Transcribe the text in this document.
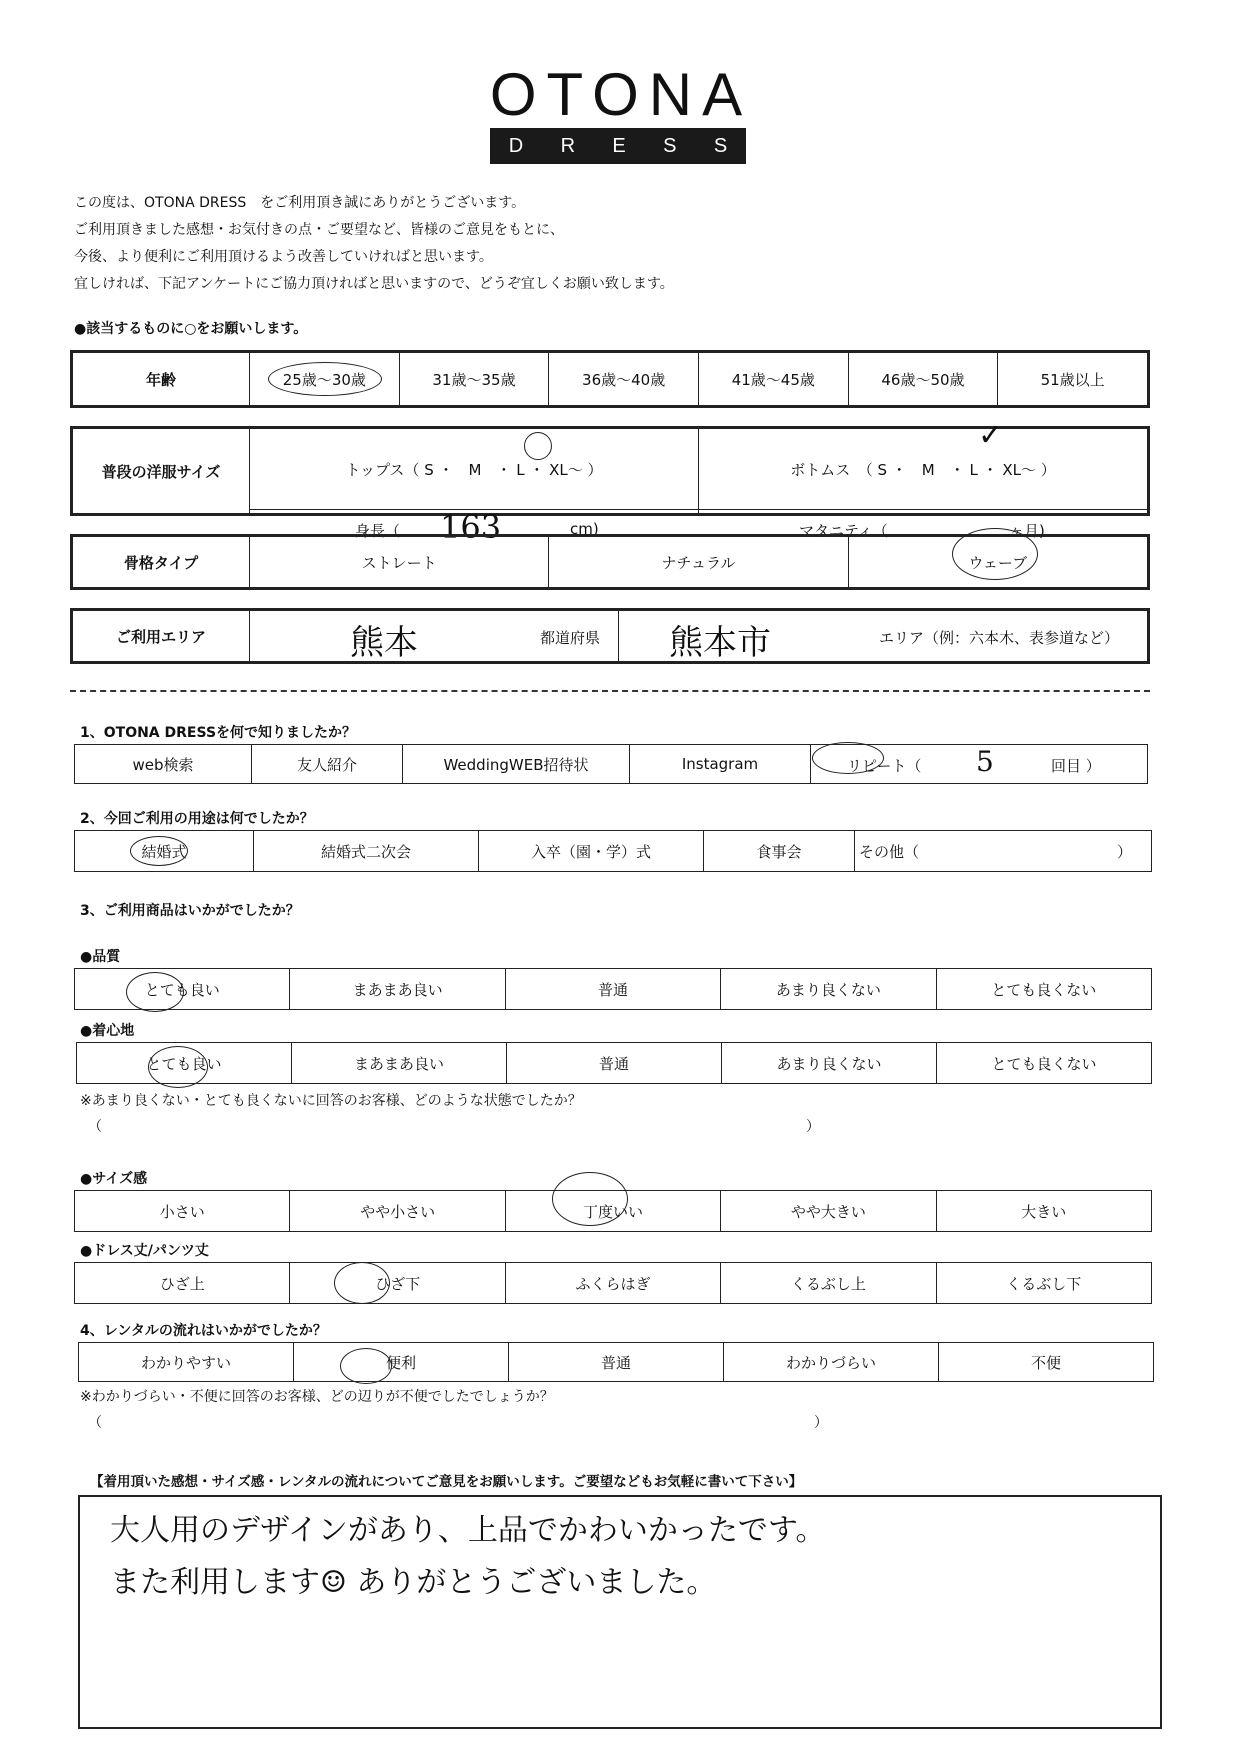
OTONA
D R E S S
この度は、OTONA DRESS　をご利用頂き誠にありがとうございます。
ご利用頂きました感想・お気付きの点・ご要望など、皆様のご意見をもとに、
今後、より便利にご利用頂けるよう改善していければと思います。
宜しければ、下記アンケートにご協力頂ければと思いますので、どうぞ宜しくお願い致します。
●該当するものに○をお願いします。
年齢	25歳〜30歳	31歳〜35歳	36歳〜40歳	41歳〜45歳	46歳〜50歳	51歳以上
普段の洋服サイズ	トップス（ S ・　M　・ L ・ XL〜 ）	ボトムス　（ S ・　M　・ L ・ XL〜 ）

	身長（ 163 cm)	マタニティ（ ヶ月)
✓
骨格タイプ	ストレート	ナチュラル	ウェーブ
ご利用エリア	熊本	都道府県	熊本市	エリア（例：六本木、表参道など）
1、OTONA DRESSを何で知りましたか？
web検索	友人紹介	WeddingWEB招待状	Instagram	リピート（ 5	回目 ）
2、今回ご利用の用途は何でしたか？
結婚式	結婚式二次会	入卒（園・学）式	食事会	その他（	）
3、ご利用商品はいかがでしたか？
●品質
とても良い	まあまあ良い	普通	あまり良くない	とても良くない
●着心地
とても良い	まあまあ良い	普通	あまり良くない	とても良くない
※あまり良くない・とても良くないに回答のお客様、どのような状態でしたか？
（	）
●サイズ感
小さい	やや小さい	丁度いい	やや大きい	大きい
●ドレス丈/パンツ丈
ひざ上	ひざ下	ふくらはぎ	くるぶし上	くるぶし下
4、レンタルの流れはいかがでしたか？
わかりやすい	便利	普通	わかりづらい	不便
※わかりづらい・不便に回答のお客様、どの辺りが不便でしたでしょうか？
（	）
【着用頂いた感想・サイズ感・レンタルの流れについてご意見をお願いします。ご要望などもお気軽に書いて下さい】
大人用のデザインがあり、上品でかわいかったです。
また利用します☺ ありがとうございました。
